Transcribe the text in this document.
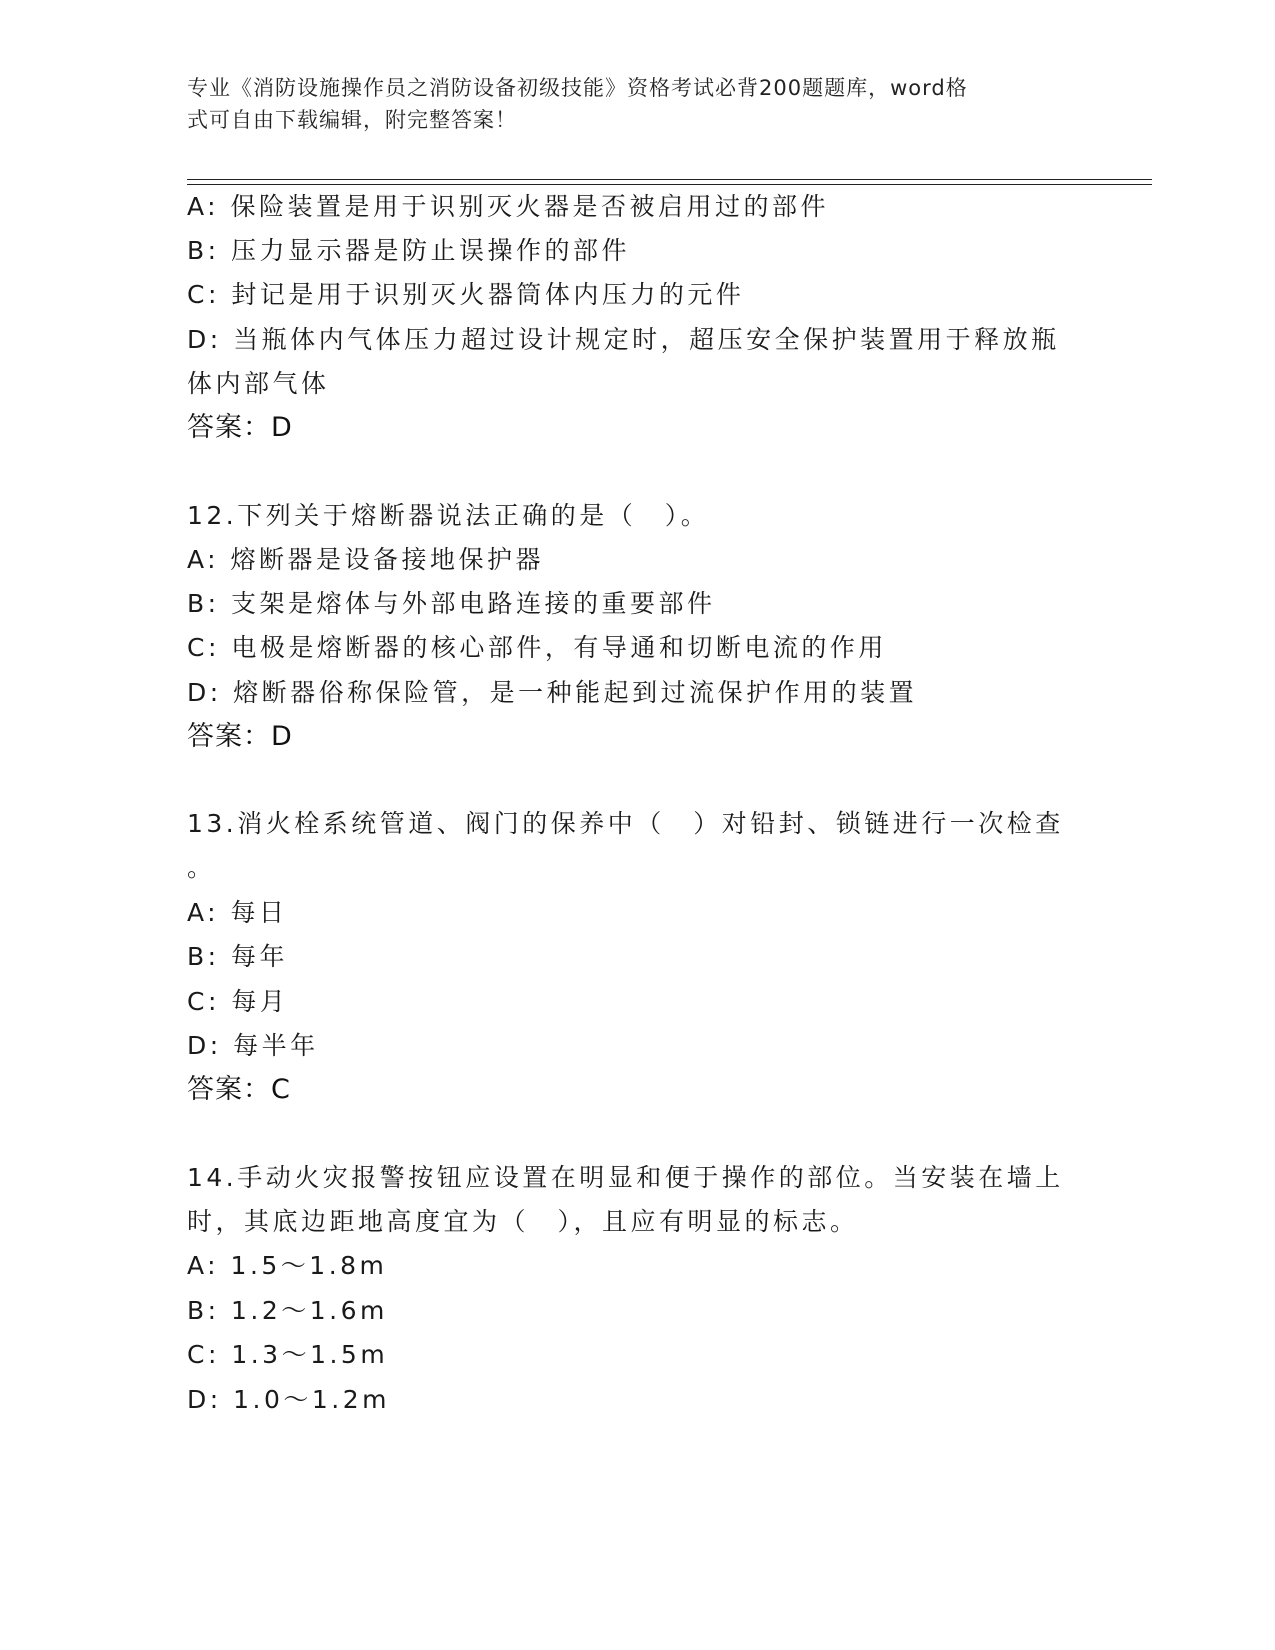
专业《消防设施操作员之消防设备初级技能》资格考试必背200题题库，word格
式可自由下载编辑，附完整答案！
A: 保险装置是用于识别灭火器是否被启用过的部件
B: 压力显示器是防止误操作的部件
C: 封记是用于识别灭火器筒体内压力的元件
D: 当瓶体内气体压力超过设计规定时，超压安全保护装置用于释放瓶
体内部气体
答案：D
12.下列关于熔断器说法正确的是（　）。
A: 熔断器是设备接地保护器
B: 支架是熔体与外部电路连接的重要部件
C: 电极是熔断器的核心部件，有导通和切断电流的作用
D: 熔断器俗称保险管，是一种能起到过流保护作用的装置
答案：D
13.消火栓系统管道、阀门的保养中（　）对铅封、锁链进行一次检查
。
A: 每日
B: 每年
C: 每月
D: 每半年
答案：C
14.手动火灾报警按钮应设置在明显和便于操作的部位。当安装在墙上
时，其底边距地高度宜为（　），且应有明显的标志。
A: 1.5～1.8m
B: 1.2～1.6m
C: 1.3～1.5m
D: 1.0～1.2m
